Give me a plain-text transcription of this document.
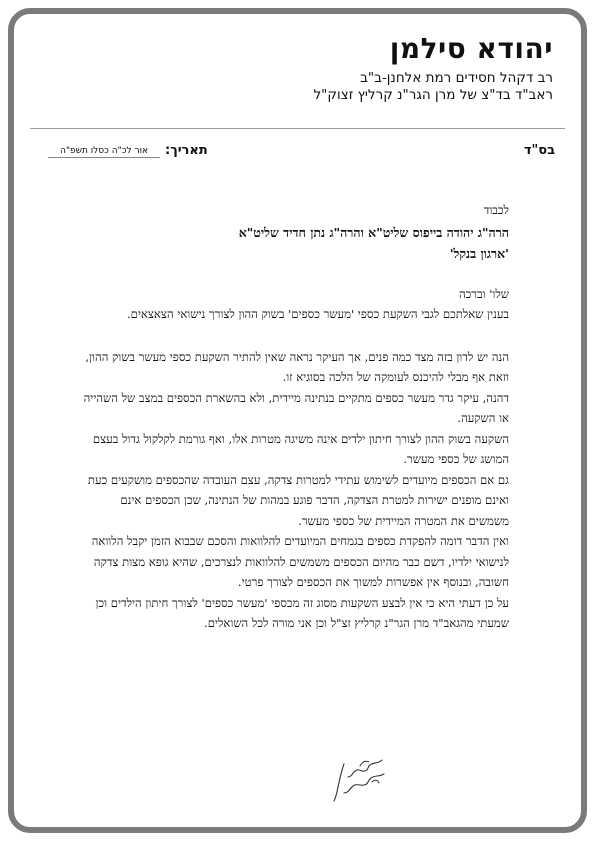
יהודא סילמן
רב דקהל חסידים רמת אלחנן-ב"ב
ראב"ד בד"צ של מרן הגר"נ קרליץ זצוק"ל
בס"ד
תאריך:
אור לכ"ה כסלו תשפ"ה

לכבוד

הרה"ג יהודה בייפוס שליט"א והרה"ג נתן חדיד שליט"א

'ארגון בנקל'

שלו' וברכה

בענין שאלתכם לגבי השקעת כספי 'מעשר כספים' בשוק ההון לצורך נישואי הצאצאים.

הנה יש לדון בזה מצד כמה פנים, אך העיקר נראה שאין להתיר השקעת כספי מעשר בשוק ההון, וזאת אף מבלי להיכנס לעומקה של הלכה בסוגיא זו.

דהנה, עיקר גדר מעשר כספים מתקיים בנתינה מיידית, ולא בהשארת הכספים במצב של השהייה או השקעה.

השקעה בשוק ההון לצורך חיתון ילדים אינה משיגה מטרות אלו, ואף גורמת לקלקול גדול בעצם המושג של כספי מעשר.

גם אם הכספים מיועדים לשימוש עתידי למטרות צדקה, עצם העובדה שהכספים מושקעים כעת ואינם מופנים ישירות למטרת הצדקה, הדבר פוגע במהות של הנתינה, שכן הכספים אינם משמשים את המטרה המיידית של כספי מעשר.

ואין הדבר דומה להפקדת כספים בגמחים המיועדים להלוואות והסכם שבבוא הזמן יקבל הלוואה לנישואי ילדיו, דשם כבר מהיום הכספים משמשים להלוואות לנצרכים, שהיא גופא מצות צדקה חשובה, ובנוסף אין אפשרות למשוך את הכספים לצורך פרטי.

על כן דעתי היא כי אין לבצע השקעות מסוג זה מכספי 'מעשר כספים' לצורך חיתון הילדים וכן שמעתי מהגאב"ד מרן הגר"נ קרליץ זצ"ל וכן אני מורה לכל השואלים.
